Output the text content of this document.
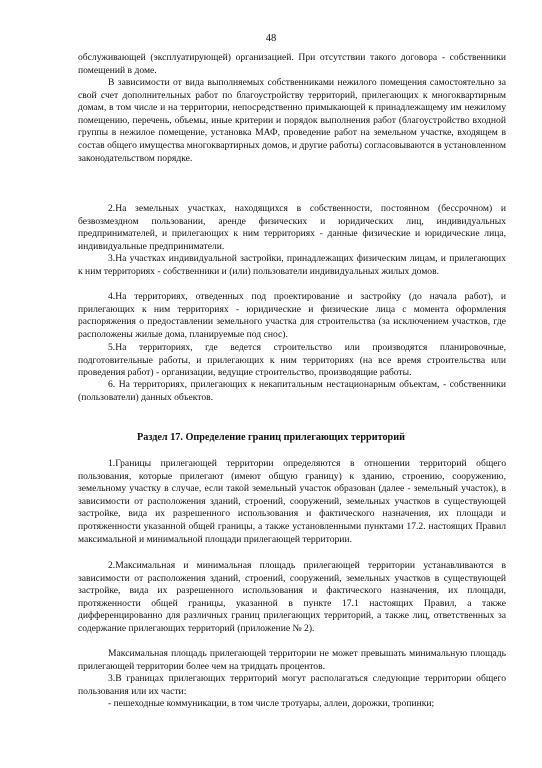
48
обслуживающей (эксплуатирующей) организацией. При отсутствии такого договора - собственники помещений в доме.
В зависимости от вида выполняемых собственниками нежилого помещения самостоятельно за свой счет дополнительных работ по благоустройству территорий, прилегающих к многоквартирным домам, в том числе и на территории, непосредственно примыкающей к принадлежащему им нежилому помещению, перечень, объемы, иные критерии и порядок выполнения работ (благоустройство входной группы в нежилое помещение, установка МАФ, проведение работ на земельном участке, входящем в состав общего имущества многоквартирных домов, и другие работы) согласовываются в установленном законодательством порядке.
2.На земельных участках, находящихся в собственности, постоянном (бессрочном) и безвозмездном пользовании, аренде физических и юридических лиц, индивидуальных предпринимателей, и прилегающих к ним территориях - данные физические и юридические лица, индивидуальные предприниматели.
3.На участках индивидуальной застройки, принадлежащих физическим лицам, и прилегающих к ним территориях - собственники и (или) пользователи индивидуальных жилых домов.
4.На территориях, отведенных под проектирование и застройку (до начала работ), и прилегающих к ним территориях - юридические и физические лица с момента оформления распоряжения о предоставлении земельного участка для строительства (за исключением участков, где расположены жилые дома, планируемые под снос).
5.На территориях, где ведется строительство или производятся планировочные, подготовительные работы, и прилегающих к ним территориях (на все время строительства или проведения работ) - организации, ведущие строительство, производящие работы.
6. На территориях, прилегающих к некапитальным нестационарным объектам, - собственники (пользователи) данных объектов.
Раздел 17. Определение границ прилегающих территорий
1.Границы прилегающей территории определяются в отношении территорий общего пользования, которые прилегают (имеют общую границу) к зданию, строению, сооружению, земельному участку в случае, если такой земельный участок образован (далее - земельный участок), в зависимости от расположения зданий, строений, сооружений, земельных участков в существующей застройке, вида их разрешенного использования и фактического назначения, их площади и протяженности указанной общей границы, а также установленными пунктами 17.2. настоящих Правил максимальной и минимальной площади прилегающей территории.
2.Максимальная и минимальная площадь прилегающей территории устанавливаются в зависимости от расположения зданий, строений, сооружений, земельных участков в существующей застройке, вида их разрешенного использования и фактического назначения, их площади, протяженности общей границы, указанной в пункте 17.1 настоящих Правил, а также дифференцированно для различных границ прилегающих территорий, а также лиц, ответственных за содержание прилегающих территорий (приложение № 2).
Максимальная площадь прилегающей территории не может превышать минимальную площадь прилегающей территории более чем на тридцать процентов.
3.В границах прилегающих территорий могут располагаться следующие территории общего пользования или их части:
- пешеходные коммуникации, в том числе тротуары, аллеи, дорожки, тропинки;
